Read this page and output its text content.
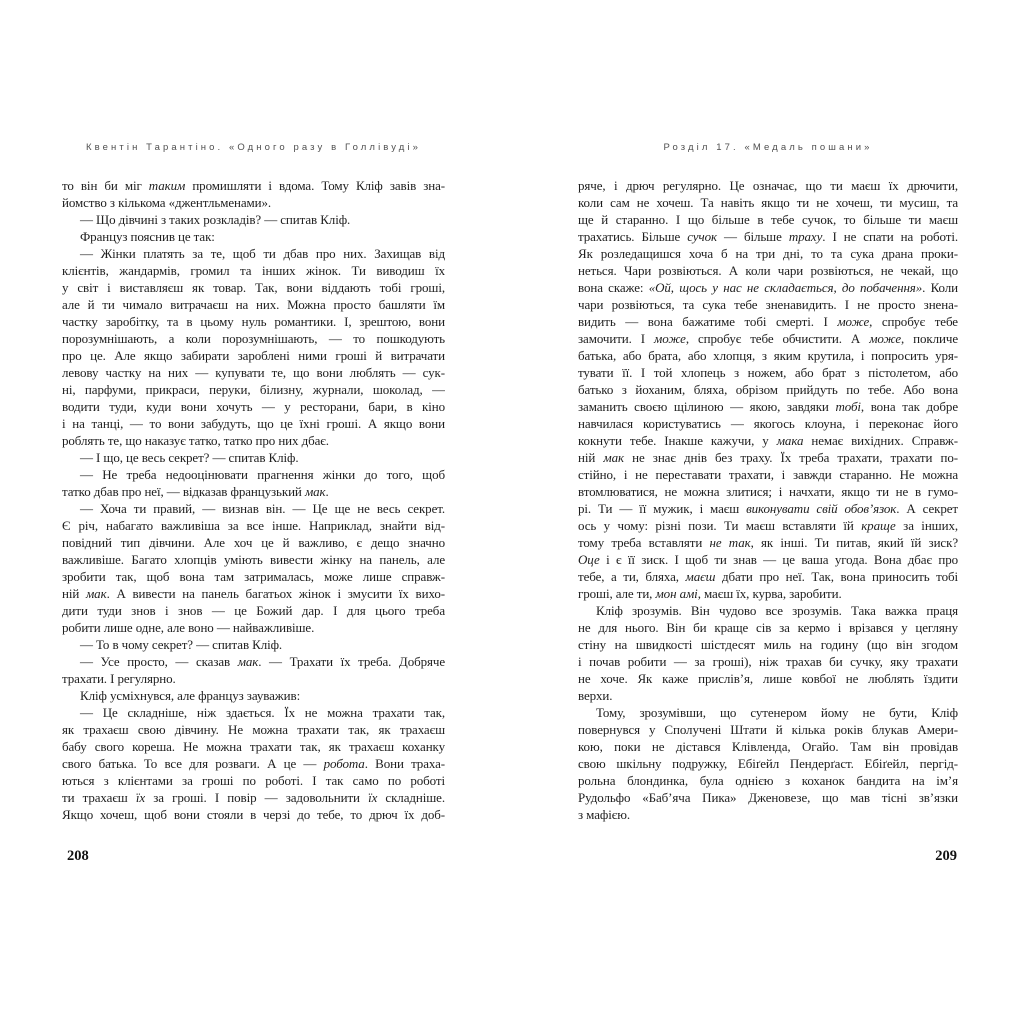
Квентін Тарантіно. «Одного разу в Голлівуді»
то він би міг таким промишляти і вдома. Тому Кліф завів зна-
йомство з кількома «джентльменами».
— Що дівчині з таких розкладів? — спитав Кліф.
Француз пояснив це так:
— Жінки платять за те, щоб ти дбав про них. Захищав від
клієнтів, жандармів, громил та інших жінок. Ти виводиш їх
у світ і виставляєш як товар. Так, вони віддають тобі гроші,
але й ти чимало витрачаєш на них. Можна просто башляти їм
частку заробітку, та в цьому нуль романтики. І, зрештою, вони
порозумнішають, а коли порозумнішають, — то пошкодують
про це. Але якщо забирати зароблені ними гроші й витрачати
левову частку на них — купувати те, що вони люблять — сук-
ні, парфуми, прикраси, перуки, білизну, журнали, шоколад, —
водити туди, куди вони хочуть — у ресторани, бари, в кіно
і на танці, — то вони забудуть, що це їхні гроші. А якщо вони
роблять те, що наказує татко, татко про них дбає.
— І що, це весь секрет? — спитав Кліф.
— Не треба недооцінювати прагнення жінки до того, щоб
татко дбав про неї, — відказав французький мак.
— Хоча ти правий, — визнав він. — Це ще не весь секрет.
Є річ, набагато важливіша за все інше. Наприклад, знайти від-
повідний тип дівчини. Але хоч це й важливо, є дещо значно
важливіше. Багато хлопців уміють вивести жінку на панель, але
зробити так, щоб вона там затрималась, може лише справж-
ній мак. А вивести на панель багатьох жінок і змусити їх вихо-
дити туди знов і знов — це Божий дар. І для цього треба
робити лише одне, але воно — найважливіше.
— То в чому секрет? — спитав Кліф.
— Усе просто, — сказав мак. — Трахати їх треба. Добряче
трахати. І регулярно.
Кліф усміхнувся, але француз зауважив:
— Це складніше, ніж здається. Їх не можна трахати так,
як трахаєш свою дівчину. Не можна трахати так, як трахаєш
бабу свого кореша. Не можна трахати так, як трахаєш коханку
свого батька. То все для розваги. А це — робота. Вони траха-
ються з клієнтами за гроші по роботі. І так само по роботі
ти трахаєш їх за гроші. І повір — задовольнити їх складніше.
Якщо хочеш, щоб вони стояли в черзі до тебе, то дрюч їх доб-
208
Розділ 17. «Медаль пошани»
ряче, і дрюч регулярно. Це означає, що ти маєш їх дрючити,
коли сам не хочеш. Та навіть якщо ти не хочеш, ти мусиш, та
ще й старанно. І що більше в тебе сучок, то більше ти маєш
трахатись. Більше сучок — більше траху. І не спати на роботі.
Як розледащишся хоча б на три дні, то та сука драна проки-
неться. Чари розвіються. А коли чари розвіються, не чекай, що
вона скаже: «Ой, щось у нас не складається, до побачення». Коли
чари розвіються, та сука тебе зненавидить. І не просто знена-
видить — вона бажатиме тобі смерті. І може, спробує тебе
замочити. І може, спробує тебе обчистити. А може, покличе
батька, або брата, або хлопця, з яким крутила, і попросить уря-
тувати її. І той хлопець з ножем, або брат з пістолетом, або
батько з йоханим, бляха, обрізом прийдуть по тебе. Або вона
заманить своєю щілиною — якою, завдяки тобі, вона так добре
навчилася користуватись — якогось клоуна, і переконає його
кокнути тебе. Інакше кажучи, у мака немає вихідних. Справж-
ній мак не знає днів без траху. Їх треба трахати, трахати по-
стійно, і не переставати трахати, і завжди старанно. Не можна
втомлюватися, не можна злитися; і начхати, якщо ти не в гумо-
рі. Ти — її мужик, і маєш виконувати свій обов’язок. А секрет
ось у чому: різні пози. Ти маєш вставляти їй краще за інших,
тому треба вставляти не так, як інші. Ти питав, який їй зиск?
Оце і є її зиск. І щоб ти знав — це ваша угода. Вона дбає про
тебе, а ти, бляха, маєш дбати про неї. Так, вона приносить тобі
гроші, але ти, мон амі, маєш їх, курва, заробити.
Кліф зрозумів. Він чудово все зрозумів. Така важка праця
не для нього. Він би краще сів за кермо і врізався у цегляну
стіну на швидкості шістдесят миль на годину (що він згодом
і почав робити — за гроші), ніж трахав би сучку, яку трахати
не хоче. Як каже прислів’я, лише ковбої не люблять їздити
верхи.
Тому, зрозумівши, що сутенером йому не бути, Кліф
повернувся у Сполучені Штати й кілька років блукав Амери-
кою, поки не дістався Клівленда, Огайо. Там він провідав
свою шкільну подружку, Ебіґейл Пендерґаст. Ебіґейл, пергід-
рольна блондинка, була однією з коханок бандита на ім’я
Рудольфо «Баб’яча Пика» Дженовезе, що мав тісні зв’язки
з мафією.
209
